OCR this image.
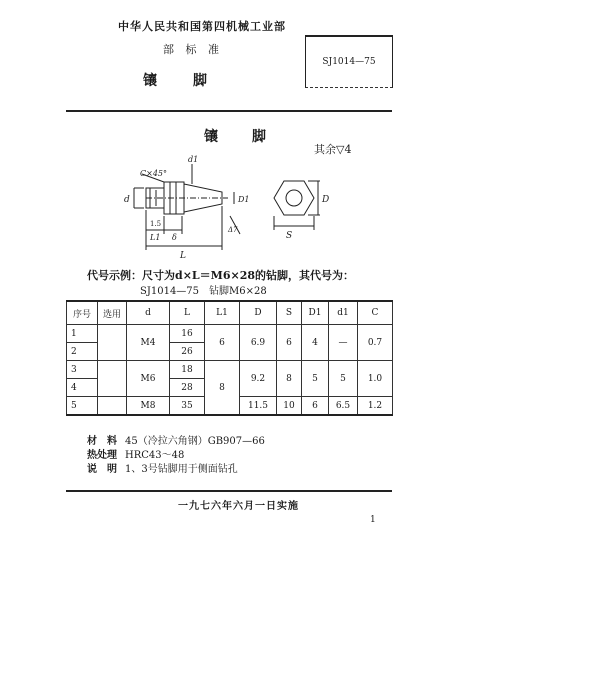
中华人民共和国第四机械工业部
部 标 准
镶脚
SJ1014—75
镶脚
其余▽4
C×45°
d
d1
D1
L1 δ
1.5
L
Δ7
D
S
代号示例：尺寸为d×L＝M6×28的钻脚，其代号为：
SJ1014—75　钻脚M6×28
序号	选用	d	L	L1	D	S	D1	d1	C
1		M4	16	6	6.9	6	4	—	0.7
2			26						
3		M6	18	8	9.2	8	5	5	1.0
4			28						
5		M8	35		11.5	10	6	6.5	1.2
材　料 45（冷拉六角钢）GB907—66
热处理 HRC43～48
说　明 1、3号钻脚用于侧面钻孔
一九七六年六月一日实施
1
